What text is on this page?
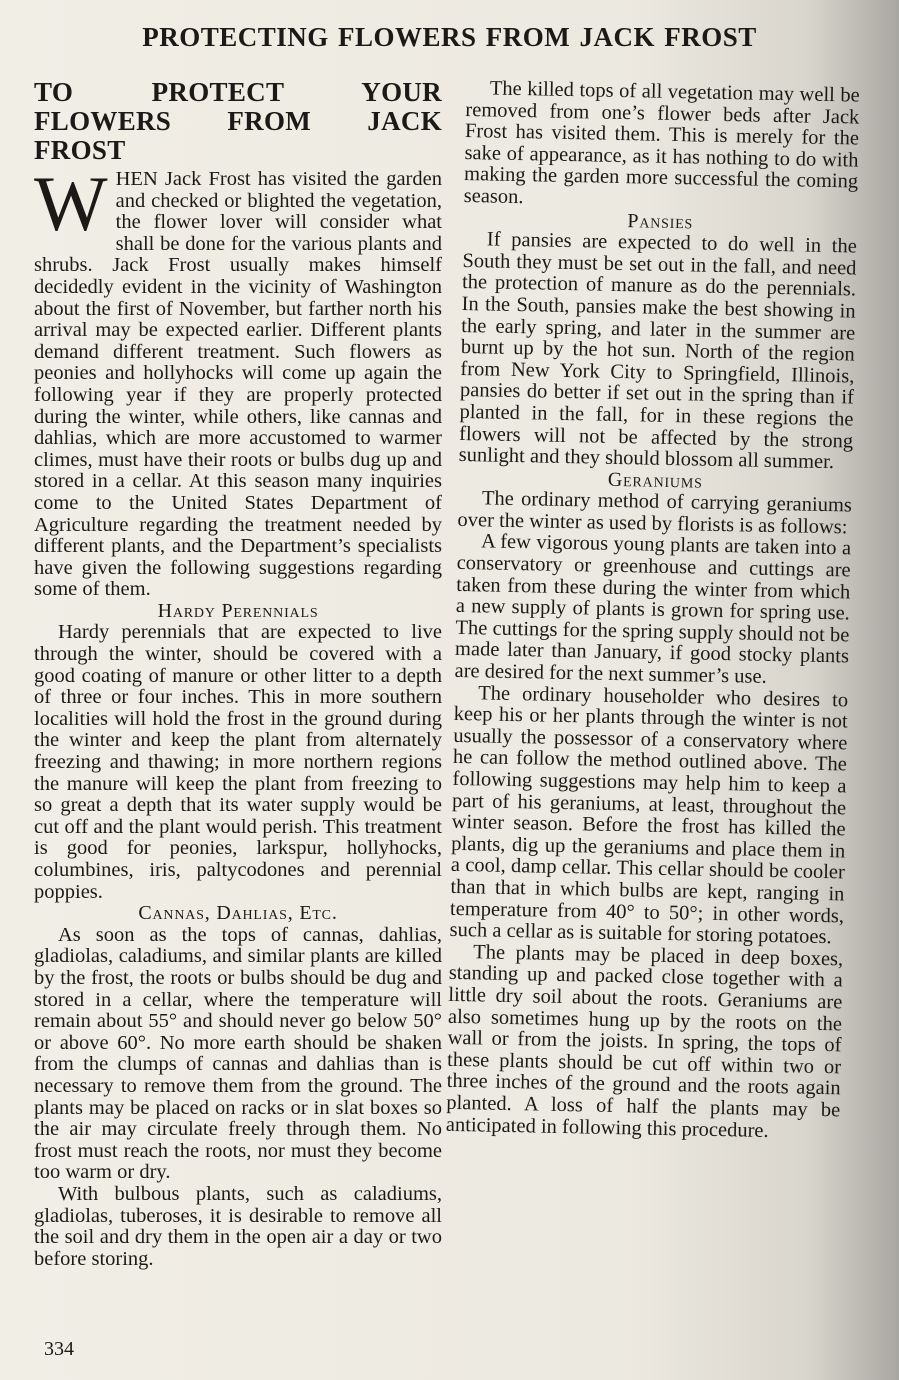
PROTECTING FLOWERS FROM JACK FROST
TO PROTECT YOUR FLOWERS FROM JACK FROST

WHEN Jack Frost has visited the garden and checked or blighted the vegetation, the flower lover will consider what shall be done for the various plants and shrubs. Jack Frost usually makes himself decidedly evident in the vicinity of Washington about the first of November, but farther north his arrival may be expected earlier. Different plants demand different treatment. Such flowers as peonies and hollyhocks will come up again the following year if they are properly protected during the winter, while others, like cannas and dahlias, which are more accustomed to warmer climes, must have their roots or bulbs dug up and stored in a cellar. At this season many inquiries come to the United States Department of Agriculture regarding the treatment needed by different plants, and the Department’s specialists have given the following suggestions regarding some of them.

Hardy Perennials

Hardy perennials that are expected to live through the winter, should be covered with a good coating of manure or other litter to a depth of three or four inches. This in more southern localities will hold the frost in the ground during the winter and keep the plant from alternately freezing and thawing; in more northern regions the manure will keep the plant from freezing to so great a depth that its water supply would be cut off and the plant would perish. This treatment is good for peonies, larkspur, hollyhocks, columbines, iris, paltycodones and perennial poppies.

Cannas, Dahlias, Etc.

As soon as the tops of cannas, dahlias, gladiolas, caladiums, and similar plants are killed by the frost, the roots or bulbs should be dug and stored in a cellar, where the temperature will remain about 55° and should never go below 50° or above 60°. No more earth should be shaken from the clumps of cannas and dahlias than is necessary to remove them from the ground. The plants may be placed on racks or in slat boxes so the air may circulate freely through them. No frost must reach the roots, nor must they become too warm or dry.

With bulbous plants, such as caladiums, gladiolas, tuberoses, it is desirable to remove all the soil and dry them in the open air a day or two before storing.

The killed tops of all vegetation may well be removed from one’s flower beds after Jack Frost has visited them. This is merely for the sake of appearance, as it has nothing to do with making the garden more successful the coming season.

Pansies

If pansies are expected to do well in the South they must be set out in the fall, and need the protection of manure as do the perennials. In the South, pansies make the best showing in the early spring, and later in the summer are burnt up by the hot sun. North of the region from New York City to Springfield, Illinois, pansies do better if set out in the spring than if planted in the fall, for in these regions the flowers will not be affected by the strong sunlight and they should blossom all summer.

Geraniums

The ordinary method of carrying geraniums over the winter as used by florists is as follows:

A few vigorous young plants are taken into a conservatory or greenhouse and cuttings are taken from these during the winter from which a new supply of plants is grown for spring use. The cuttings for the spring supply should not be made later than January, if good stocky plants are desired for the next summer’s use.

The ordinary householder who desires to keep his or her plants through the winter is not usually the possessor of a conservatory where he can follow the method outlined above. The following suggestions may help him to keep a part of his geraniums, at least, throughout the winter season. Before the frost has killed the plants, dig up the geraniums and place them in a cool, damp cellar. This cellar should be cooler than that in which bulbs are kept, ranging in temperature from 40° to 50°; in other words, such a cellar as is suitable for storing potatoes.

The plants may be placed in deep boxes, standing up and packed close together with a little dry soil about the roots. Geraniums are also sometimes hung up by the roots on the wall or from the joists. In spring, the tops of these plants should be cut off within two or three inches of the ground and the roots again planted. A loss of half the plants may be anticipated in following this procedure.

334
